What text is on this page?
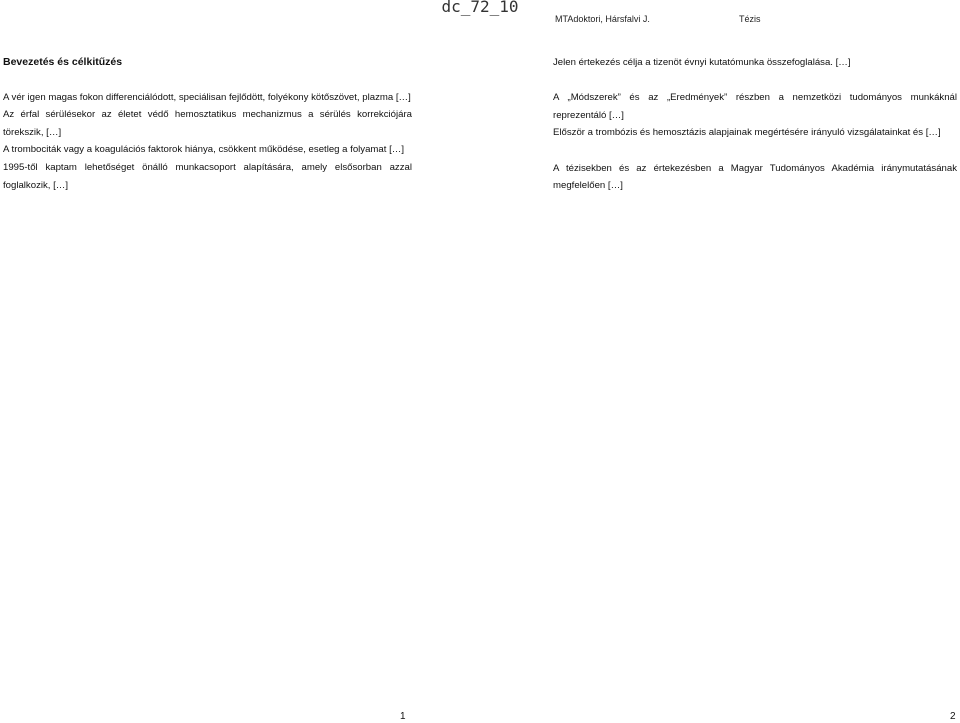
dc_72_10
MTAdoktori, Hársfalvi J.	Tézis
Bevezetés és célkitűzés

A vér igen magas fokon differenciálódott, speciálisan fejlődött, folyékony kötőszövet, plazma […]

Az érfal sérülésekor az életet védő hemosztatikus mechanizmus a sérülés korrekciójára törekszik, […]

A trombociták vagy a koagulációs faktorok hiánya, csökkent működése, esetleg a folyamat […]

1995-től kaptam lehetőséget önálló munkacsoport alapítására, amely elsősorban azzal foglalkozik, […]

Jelen értekezés célja a tizenöt évnyi kutatómunka összefoglalása. […]

A „Módszerek” és az „Eredmények” részben a nemzetközi tudományos munkáknál reprezentáló […]

Először a trombózis és hemosztázis alapjainak megértésére irányuló vizsgálatainkat és […]

A tézisekben és az értekezésben a Magyar Tudományos Akadémia iránymutatásának megfelelően […]

1	2
